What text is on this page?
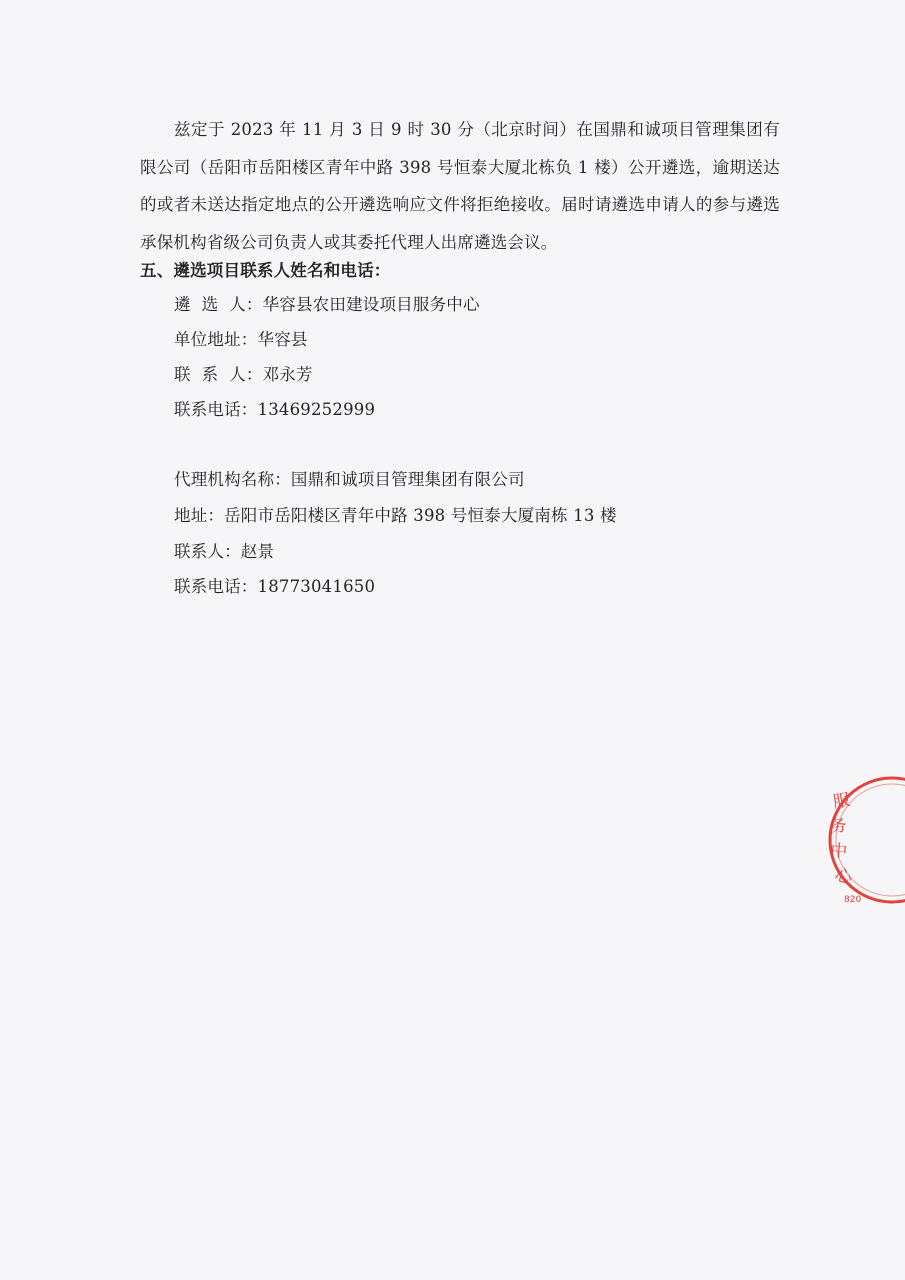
兹定于 2023 年 11 月 3 日 9 时 30 分（北京时间）在国鼎和诚项目管理集团有限公司（岳阳市岳阳楼区青年中路 398 号恒泰大厦北栋负 1 楼）公开遴选，逾期送达的或者未送达指定地点的公开遴选响应文件将拒绝接收。届时请遴选申请人的参与遴选承保机构省级公司负责人或其委托代理人出席遴选会议。
五、遴选项目联系人姓名和电话：
遴  选  人：华容县农田建设项目服务中心
单位地址：华容县
联  系  人：邓永芳
联系电话：13469252999
代理机构名称：国鼎和诚项目管理集团有限公司
地址：岳阳市岳阳楼区青年中路 398 号恒泰大厦南栋 13 楼
联系人：赵景
联系电话：18773041650
服
务
中
心
820
